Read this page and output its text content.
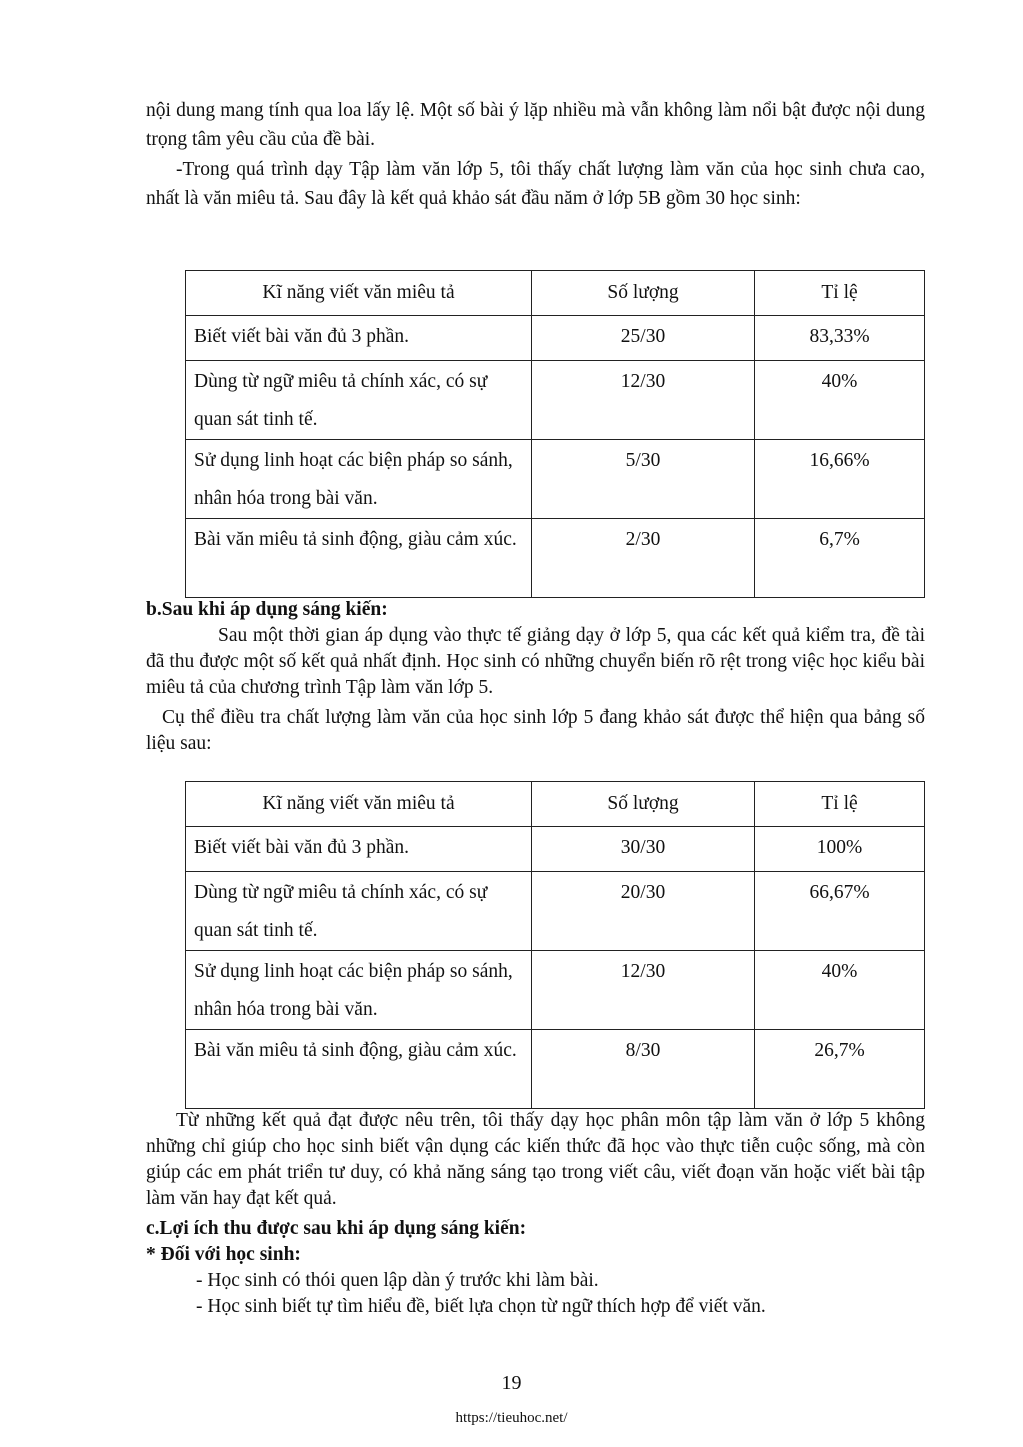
nội dung mang tính qua loa lấy lệ. Một số bài ý lặp nhiều mà vẫn không làm nổi bật được nội dung trọng tâm yêu cầu của đề bài.

-Trong quá trình dạy Tập làm văn lớp 5, tôi thấy chất lượng làm văn của học sinh chưa cao, nhất là văn miêu tả. Sau đây là kết quả khảo sát đầu năm ở lớp 5B gồm 30 học sinh:

Kĩ năng viết văn miêu tả	Số lượng	Tỉ lệ
Biết viết bài văn đủ 3 phần.	25/30	83,33%
Dùng từ ngữ miêu tả chính xác, có sự quan sát tinh tế.	12/30	40%
Sử dụng linh hoạt các biện pháp so sánh, nhân hóa trong bài văn.	5/30	16,66%
Bài văn miêu tả sinh động, giàu cảm xúc.	2/30	6,7%

b.Sau khi áp dụng sáng kiến:

Sau một thời gian áp dụng vào thực tế giảng dạy ở lớp 5, qua các kết quả kiểm tra, đề tài đã thu được một số kết quả nhất định. Học sinh có những chuyển biến rõ rệt trong việc học kiểu bài miêu tả của chương trình Tập làm văn lớp 5.

Cụ thể điều tra chất lượng làm văn của học sinh lớp 5 đang khảo sát được thể hiện qua bảng số liệu sau:

Kĩ năng viết văn miêu tả	Số lượng	Tỉ lệ
Biết viết bài văn đủ 3 phần.	30/30	100%
Dùng từ ngữ miêu tả chính xác, có sự quan sát tinh tế.	20/30	66,67%
Sử dụng linh hoạt các biện pháp so sánh, nhân hóa trong bài văn.	12/30	40%
Bài văn miêu tả sinh động, giàu cảm xúc.	8/30	26,7%

Từ những kết quả đạt được nêu trên, tôi thấy dạy học phân môn tập làm văn ở lớp 5 không những chỉ giúp cho học sinh biết vận dụng các kiến thức đã học vào thực tiễn cuộc sống, mà còn giúp các em phát triển tư duy, có khả năng sáng tạo trong viết câu, viết đoạn văn hoặc viết bài tập làm văn hay đạt kết quả.

c.Lợi ích thu được sau khi áp dụng sáng kiến:

* Đối với học sinh:

- Học sinh có thói quen lập dàn ý trước khi làm bài.

- Học sinh biết tự tìm hiểu đề, biết lựa chọn từ ngữ thích hợp để viết văn.

19
https://tieuhoc.net/
